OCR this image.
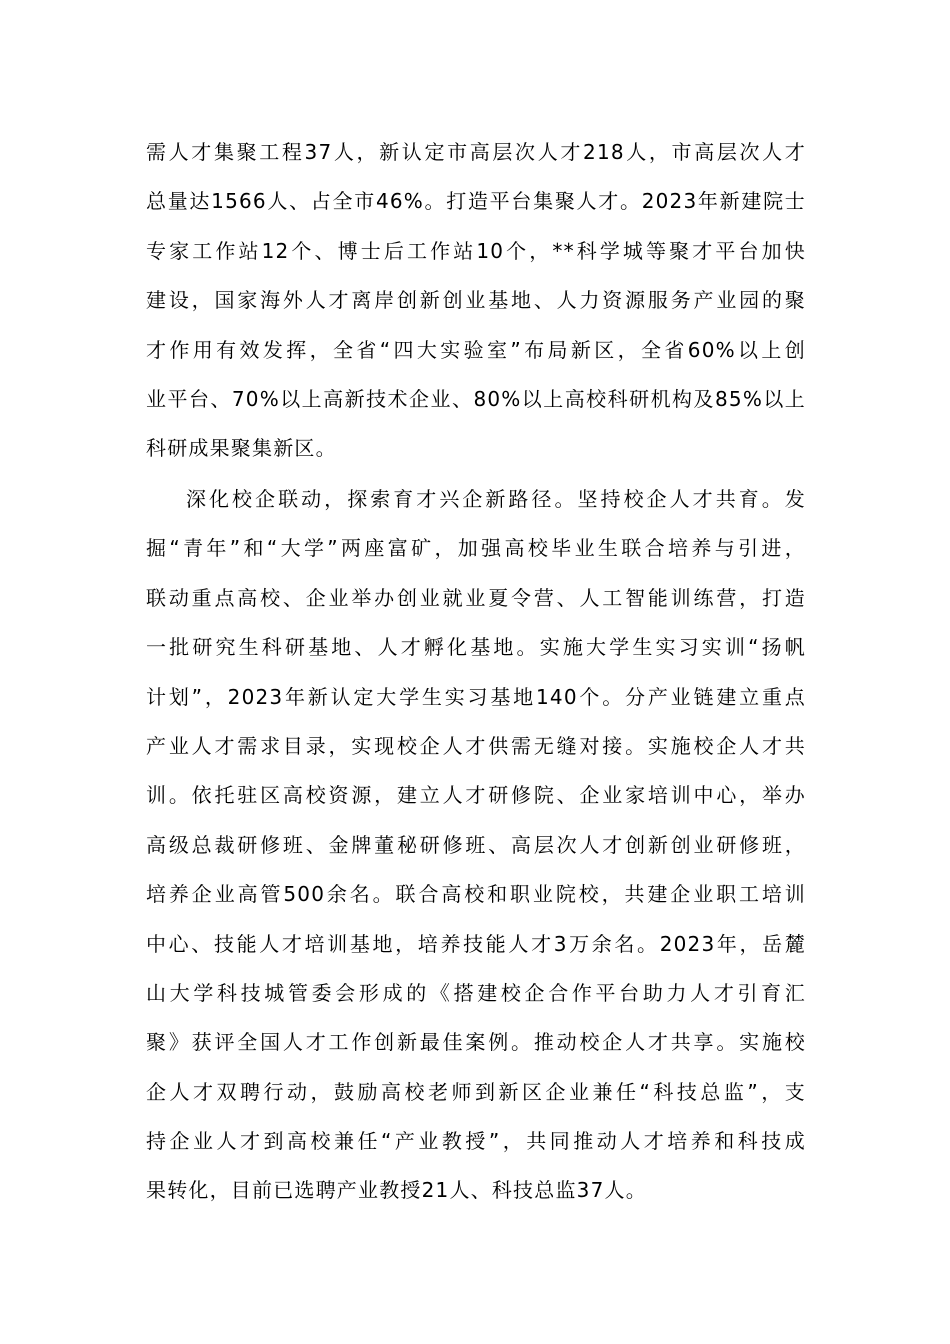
需人才集聚工程37人，新认定市高层次人才218人，市高层次人才
总量达1566人、占全市46%。打造平台集聚人才。2023年新建院士
专家工作站12个、博士后工作站10个，**科学城等聚才平台加快
建设，国家海外人才离岸创新创业基地、人力资源服务产业园的聚
才作用有效发挥，全省“四大实验室”布局新区，全省60%以上创
业平台、70%以上高新技术企业、80%以上高校科研机构及85%以上
科研成果聚集新区。
深化校企联动，探索育才兴企新路径。坚持校企人才共育。发
掘“青年”和“大学”两座富矿，加强高校毕业生联合培养与引进，
联动重点高校、企业举办创业就业夏令营、人工智能训练营，打造
一批研究生科研基地、人才孵化基地。实施大学生实习实训“扬帆
计划”，2023年新认定大学生实习基地140个。分产业链建立重点
产业人才需求目录，实现校企人才供需无缝对接。实施校企人才共
训。依托驻区高校资源，建立人才研修院、企业家培训中心，举办
高级总裁研修班、金牌董秘研修班、高层次人才创新创业研修班，
培养企业高管500余名。联合高校和职业院校，共建企业职工培训
中心、技能人才培训基地，培养技能人才3万余名。2023年，岳麓
山大学科技城管委会形成的《搭建校企合作平台助力人才引育汇
聚》获评全国人才工作创新最佳案例。推动校企人才共享。实施校
企人才双聘行动，鼓励高校老师到新区企业兼任“科技总监”，支
持企业人才到高校兼任“产业教授”，共同推动人才培养和科技成
果转化，目前已选聘产业教授21人、科技总监37人。
